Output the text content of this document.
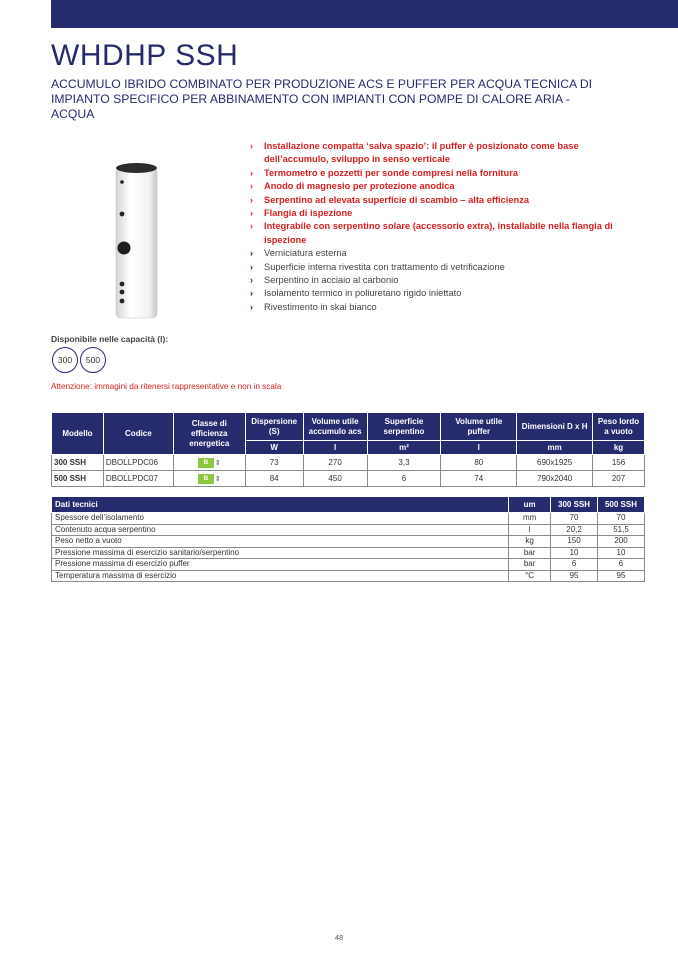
WHDHP SSH
ACCUMULO IBRIDO COMBINATO PER PRODUZIONE ACS E PUFFER PER ACQUA TECNICA DI IMPIANTO SPECIFICO PER ABBINAMENTO CON IMPIANTI CON POMPE DI CALORE ARIA - ACQUA
› Installazione compatta ‘salva spazio’: il puffer è posizionato come base dell’accumulo, sviluppo in senso verticale
› Termometro e pozzetti per sonde compresi nella fornitura
› Anodo di magnesio per protezione anodica
› Serpentino ad elevata superficie di scambio – alta efficienza
› Flangia di ispezione
› Integrabile con serpentino solare (accessorio extra), installabile nella flangia di ispezione
› Verniciatura esterna
› Superficie interna rivestita con trattamento di vetrificazione
› Serpentino in acciaio al carbonio
› Isolamento termico in poliuretano rigido iniettato
› Rivestimento in skai bianco
Disponibile nelle capacità (l):
300	500
Attenzione: immagini da ritenersi rappresentative e non in scala
Modello	Codice	Classe di efficienza energetica	Dispersione (S)	Volume utile accumulo acs	Superficie serpentino	Volume utile puffer	Dimensioni D x H	Peso lordo a vuoto
			W	l	m²	l	mm	kg
300 SSH	DBOLLPDC06	B ⇕	73	270	3,3	80	690x1925	156
500 SSH	DBOLLPDC07	B ⇕	84	450	6	74	790x2040	207
Dati tecnici	um	300 SSH	500 SSH
Spessore dell’isolamento	mm	70	70
Contenuto acqua serpentino	l	20,2	51,5
Peso netto a vuoto	kg	150	200
Pressione massima di esercizio sanitario/serpentino	bar	10	10
Pressione massima di esercizio puffer	bar	6	6
Temperatura massima di esercizio	°C	95	95
48
